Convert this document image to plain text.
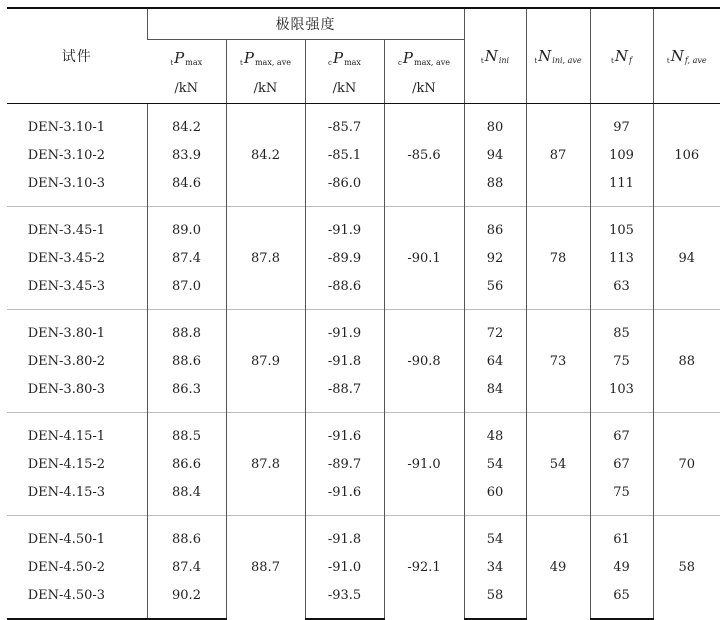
试件	极限强度				$tN_{ini}$	$tN_{ini, ave}$	$tN_f$	$tN_{f, ave}$
	$tP_{max}$	$tP_{max, ave}$	$cP_{max}$	$cP_{max, ave}$
	/kN	/kN	/kN	/kN				
DEN-3.10-1	84.2	84.2	-85.7	-85.6	80	87	97	106
DEN-3.10-2	83.9		-85.1		94		109	
DEN-3.10-3	84.6		-86.0		88		111	
DEN-3.45-1	89.0	87.8	-91.9	-90.1	86	78	105	94
DEN-3.45-2	87.4		-89.9		92		113	
DEN-3.45-3	87.0		-88.6		56		63	
DEN-3.80-1	88.8	87.9	-91.9	-90.8	72	73	85	88
DEN-3.80-2	88.6		-91.8		64		75	
DEN-3.80-3	86.3		-88.7		84		103	
DEN-4.15-1	88.5	87.8	-91.6	-91.0	48	54	67	70
DEN-4.15-2	86.6		-89.7		54		67	
DEN-4.15-3	88.4		-91.6		60		75	
DEN-4.50-1	88.6	88.7	-91.8	-92.1	54	49	61	58
DEN-4.50-2	87.4		-91.0		34		49	
DEN-4.50-3	90.2		-93.5		58		65	
